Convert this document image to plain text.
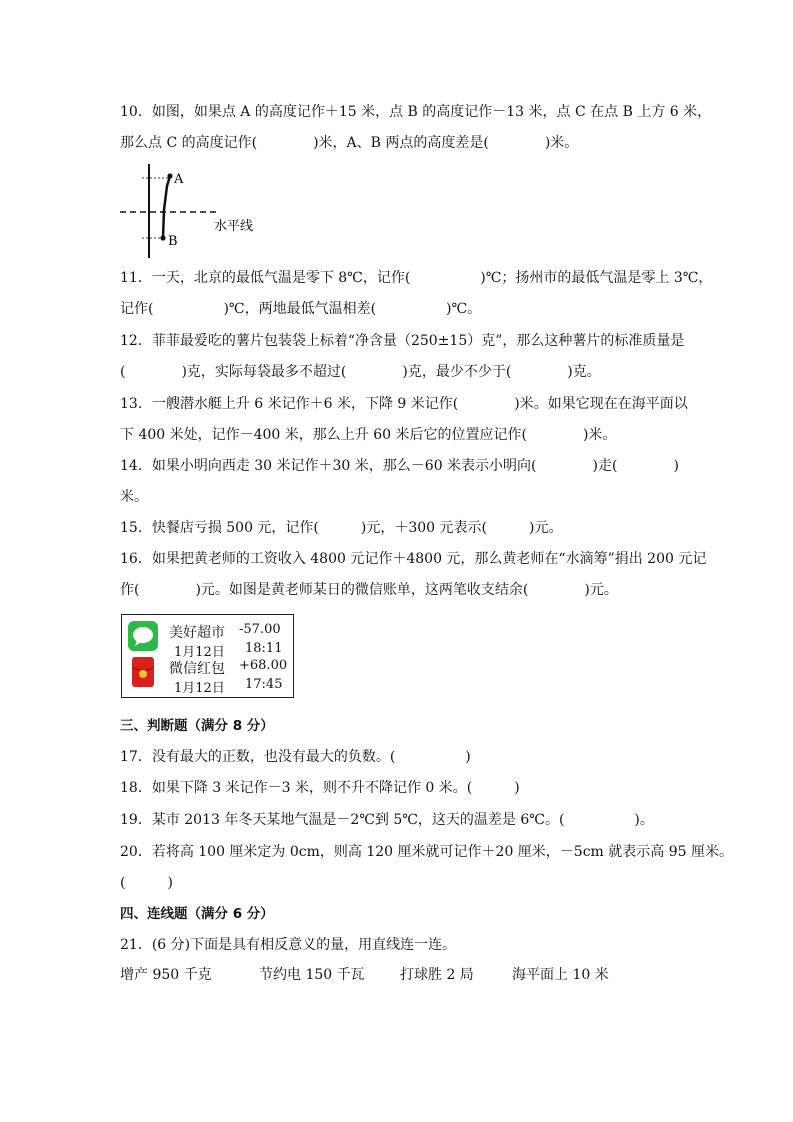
10．如图，如果点 A 的高度记作＋15 米，点 B 的高度记作－13 米，点 C 在点 B 上方 6 米，
那么点 C 的高度记作(　　　　)米，A、B 两点的高度差是(　　　　)米。
A
B
水平线
11．一天，北京的最低气温是零下 8℃，记作(　　　　　)℃；扬州市的最低气温是零上 3℃，
记作(　　　　　)℃，两地最低气温相差(　　　　　)℃。
12．菲菲最爱吃的薯片包装袋上标着“净含量（250±15）克”，那么这种薯片的标准质量是
(　　　　)克，实际每袋最多不超过(　　　　)克，最少不少于(　　　　)克。
13．一艘潜水艇上升 6 米记作＋6 米，下降 9 米记作(　　　　)米。如果它现在在海平面以
下 400 米处，记作－400 米，那么上升 60 米后它的位置应记作(　　　　)米。
14．如果小明向西走 30 米记作＋30 米，那么－60 米表示小明向(　　　　)走(　　　　)
米。
15．快餐店亏损 500 元，记作(　　　)元，＋300 元表示(　　　)元。
16．如果把黄老师的工资收入 4800 元记作＋4800 元，那么黄老师在“水滴筹”捐出 200 元记
作(　　　　)元。如图是黄老师某日的微信账单，这两笔收支结余(　　　　)元。
美好超市 -57.00
1月12日 18:11
微信红包 +68.00
1月12日 17:45
三、判断题（满分 8 分）
17．没有最大的正数，也没有最大的负数。(　　　　　)
18．如果下降 3 米记作－3 米，则不升不降记作 0 米。(　　　)
19．某市 2013 年冬天某地气温是－2℃到 5℃，这天的温差是 6℃。(　　　　　)。
20．若将高 100 厘米定为 0cm，则高 120 厘米就可记作＋20 厘米，－5cm 就表示高 95 厘米。
(　　　)
四、连线题（满分 6 分）
21．(6 分)下面是具有相反意义的量，用直线连一连。
增产 950 千克	节约电 150 千瓦	打球胜 2 局	海平面上 10 米
